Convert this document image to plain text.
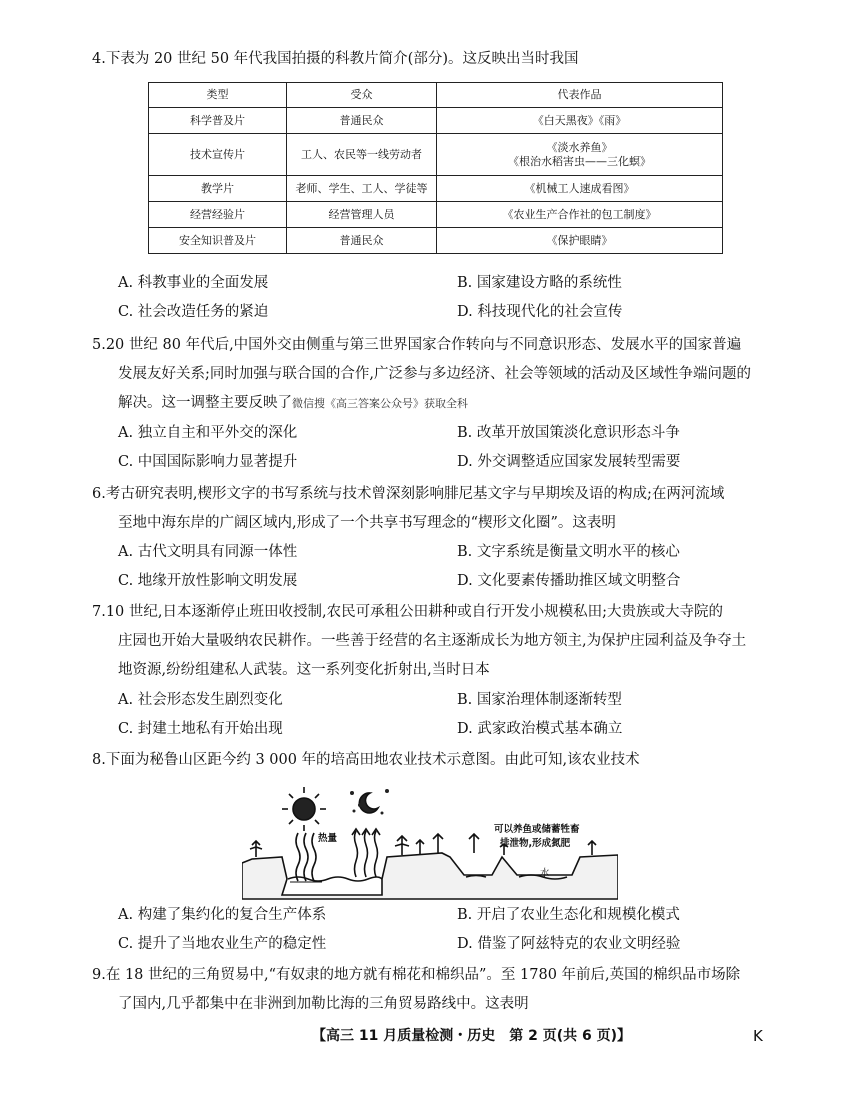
4.下表为 20 世纪 50 年代我国拍摄的科教片简介(部分)。这反映出当时我国
类型	受众	代表作品
科学普及片	普通民众	《白天黑夜》《雨》
技术宣传片	工人、农民等一线劳动者	《淡水养鱼》
《根治水稻害虫——三化螟》
教学片	老师、学生、工人、学徒等	《机械工人速成看图》
经营经验片	经营管理人员	《农业生产合作社的包工制度》
安全知识普及片	普通民众	《保护眼睛》
A. 科教事业的全面发展	B. 国家建设方略的系统性
C. 社会改造任务的紧迫	D. 科技现代化的社会宣传
5.20 世纪 80 年代后,中国外交由侧重与第三世界国家合作转向与不同意识形态、发展水平的国家普遍
发展友好关系;同时加强与联合国的合作,广泛参与多边经济、社会等领域的活动及区域性争端问题的
解决。这一调整主要反映了微信搜《高三答案公众号》获取全科
A. 独立自主和平外交的深化	B. 改革开放国策淡化意识形态斗争
C. 中国国际影响力显著提升	D. 外交调整适应国家发展转型需要
6.考古研究表明,楔形文字的书写系统与技术曾深刻影响腓尼基文字与早期埃及语的构成;在两河流域
至地中海东岸的广阔区域内,形成了一个共享书写理念的“楔形文化圈”。这表明
A. 古代文明具有同源一体性	B. 文字系统是衡量文明水平的核心
C. 地缘开放性影响文明发展	D. 文化要素传播助推区域文明整合
7.10 世纪,日本逐渐停止班田收授制,农民可承租公田耕种或自行开发小规模私田;大贵族或大寺院的
庄园也开始大量吸纳农民耕作。一些善于经营的名主逐渐成长为地方领主,为保护庄园利益及争夺土
地资源,纷纷组建私人武装。这一系列变化折射出,当时日本
A. 社会形态发生剧烈变化	B. 国家治理体制逐渐转型
C. 封建土地私有开始出现	D. 武家政治模式基本确立
8.下面为秘鲁山区距今约 3 000 年的培高田地农业技术示意图。由此可知,该农业技术
热量
可以养鱼或储蓄牲畜
排泄物,形成氮肥
水
A. 构建了集约化的复合生产体系	B. 开启了农业生态化和规模化模式
C. 提升了当地农业生产的稳定性	D. 借鉴了阿兹特克的农业文明经验
9.在 18 世纪的三角贸易中,“有奴隶的地方就有棉花和棉织品”。至 1780 年前后,英国的棉织品市场除
了国内,几乎都集中在非洲到加勒比海的三角贸易路线中。这表明
【高三 11 月质量检测・历史　第 2 页(共 6 页)】	K
